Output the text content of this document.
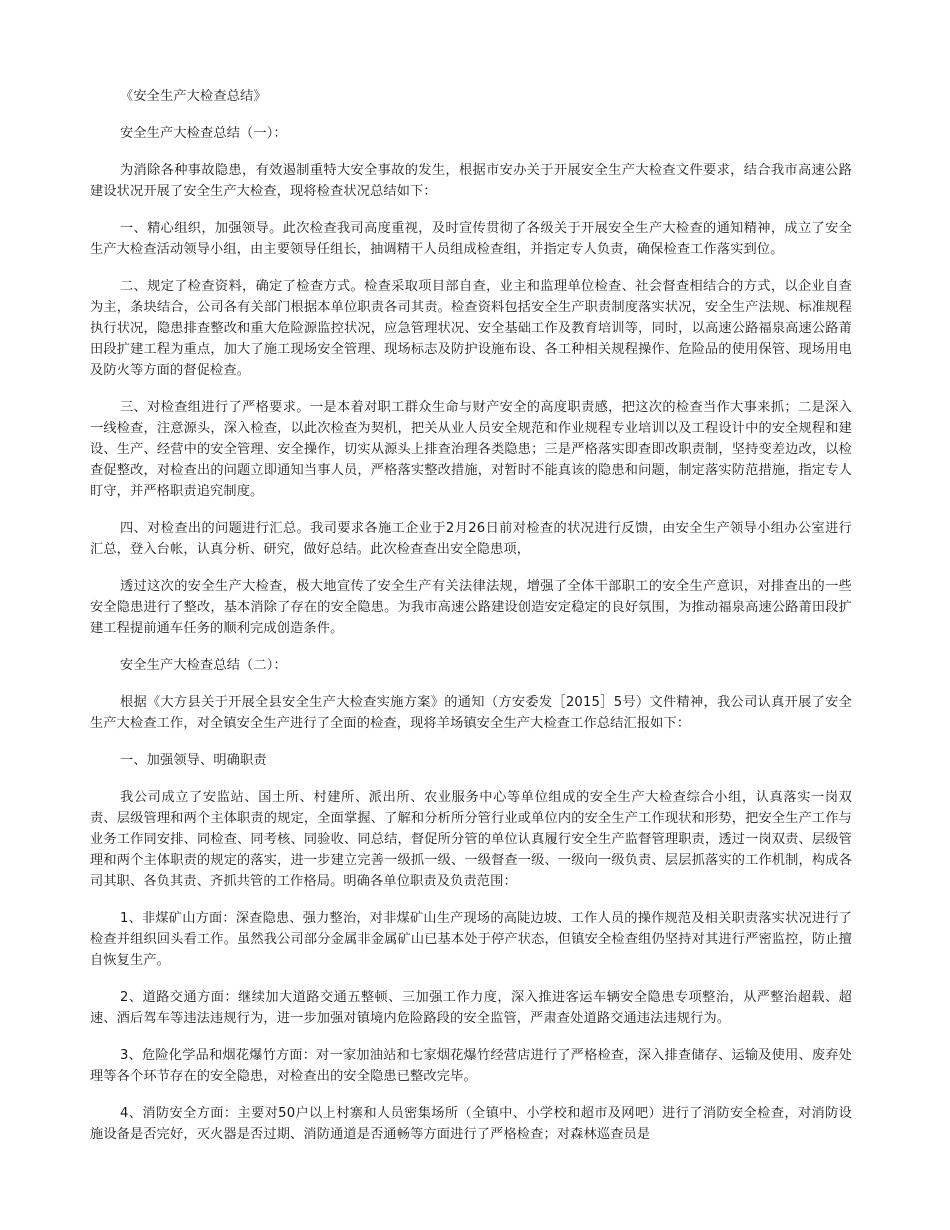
《安全生产大检查总结》

安全生产大检查总结（一）：

为消除各种事故隐患，有效遏制重特大安全事故的发生，根据市安办关于开展安全生产大检查文件要求，结合我市高速公路建设状况开展了安全生产大检查，现将检查状况总结如下：

一、精心组织，加强领导。此次检查我司高度重视，及时宣传贯彻了各级关于开展安全生产大检查的通知精神，成立了安全生产大检查活动领导小组，由主要领导任组长，抽调精干人员组成检查组，并指定专人负责，确保检查工作落实到位。

二、规定了检查资料，确定了检查方式。检查采取项目部自查，业主和监理单位检查、社会督查相结合的方式，以企业自查为主，条块结合，公司各有关部门根据本单位职责各司其责。检查资料包括安全生产职责制度落实状况，安全生产法规、标准规程执行状况，隐患排查整改和重大危险源监控状况，应急管理状况、安全基础工作及教育培训等，同时，以高速公路福泉高速公路莆田段扩建工程为重点，加大了施工现场安全管理、现场标志及防护设施布设、各工种相关规程操作、危险品的使用保管、现场用电及防火等方面的督促检查。

三、对检查组进行了严格要求。一是本着对职工群众生命与财产安全的高度职责感，把这次的检查当作大事来抓；二是深入一线检查，注意源头，深入检查，以此次检查为契机，把关从业人员安全规范和作业规程专业培训以及工程设计中的安全规程和建设、生产、经营中的安全管理、安全操作，切实从源头上排查治理各类隐患；三是严格落实即查即改职责制，坚持变差边改，以检查促整改，对检查出的问题立即通知当事人员，严格落实整改措施，对暂时不能真该的隐患和问题，制定落实防范措施，指定专人盯守，并严格职责追究制度。

四、对检查出的问题进行汇总。我司要求各施工企业于2月26日前对检查的状况进行反馈，由安全生产领导小组办公室进行汇总，登入台帐，认真分析、研究，做好总结。此次检查查出安全隐患项，

透过这次的安全生产大检查，极大地宣传了安全生产有关法律法规，增强了全体干部职工的安全生产意识，对排查出的一些安全隐患进行了整改，基本消除了存在的安全隐患。为我市高速公路建设创造安定稳定的良好氛围，为推动福泉高速公路莆田段扩建工程提前通车任务的顺利完成创造条件。

安全生产大检查总结（二）：

根据《大方县关于开展全县安全生产大检查实施方案》的通知（方安委发［2015］5号）文件精神，我公司认真开展了安全生产大检查工作，对全镇安全生产进行了全面的检查，现将羊场镇安全生产大检查工作总结汇报如下：

一、加强领导、明确职责

我公司成立了安监站、国土所、村建所、派出所、农业服务中心等单位组成的安全生产大检查综合小组，认真落实一岗双责、层级管理和两个主体职责的规定，全面掌握、了解和分析所分管行业或单位内的安全生产工作现状和形势，把安全生产工作与业务工作同安排、同检查、同考核、同验收、同总结，督促所分管的单位认真履行安全生产监督管理职责，透过一岗双责、层级管理和两个主体职责的规定的落实，进一步建立完善一级抓一级、一级督查一级、一级向一级负责、层层抓落实的工作机制，构成各司其职、各负其责、齐抓共管的工作格局。明确各单位职责及负责范围：

1、非煤矿山方面：深查隐患、强力整治，对非煤矿山生产现场的高陡边坡、工作人员的操作规范及相关职责落实状况进行了检查并组织回头看工作。虽然我公司部分金属非金属矿山已基本处于停产状态，但镇安全检查组仍坚持对其进行严密监控，防止擅自恢复生产。

2、道路交通方面：继续加大道路交通五整顿、三加强工作力度，深入推进客运车辆安全隐患专项整治，从严整治超载、超速、酒后驾车等违法违规行为，进一步加强对镇境内危险路段的安全监管，严肃查处道路交通违法违规行为。

3、危险化学品和烟花爆竹方面：对一家加油站和七家烟花爆竹经营店进行了严格检查，深入排查储存、运输及使用、废弃处理等各个环节存在的安全隐患，对检查出的安全隐患已整改完毕。

4、消防安全方面：主要对50户以上村寨和人员密集场所（全镇中、小学校和超市及网吧）进行了消防安全检查，对消防设施设备是否完好，灭火器是否过期、消防通道是否通畅等方面进行了严格检查；对森林巡查员是
